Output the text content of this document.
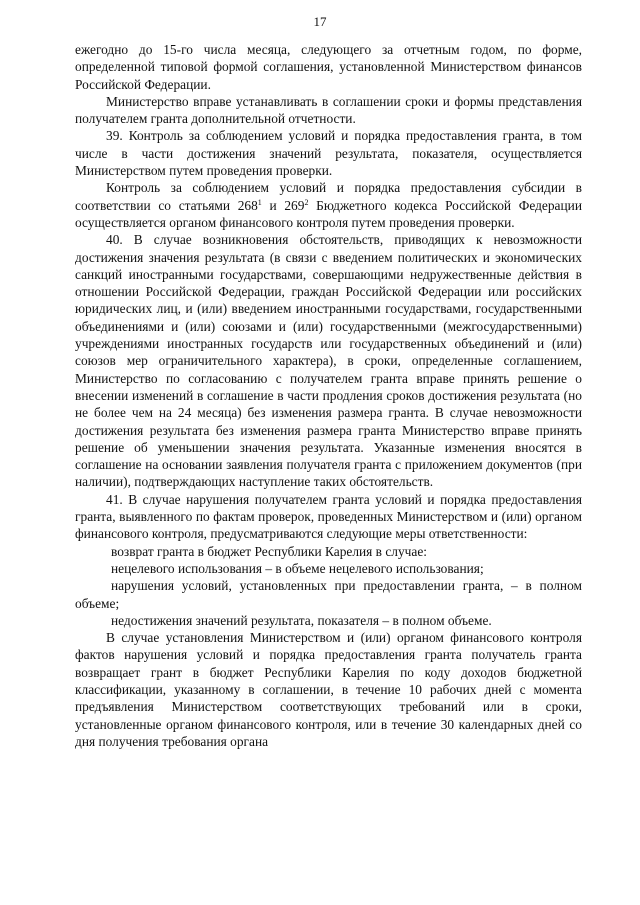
17

ежегодно до 15-го числа месяца, следующего за отчетным годом, по форме, определенной типовой формой соглашения, установленной Министерством финансов Российской Федерации.

Министерство вправе устанавливать в соглашении сроки и формы представления получателем гранта дополнительной отчетности.

39. Контроль за соблюдением условий и порядка предоставления гранта, в том числе в части достижения значений результата, показателя, осуществляется Министерством путем проведения проверки.

Контроль за соблюдением условий и порядка предоставления субсидии в соответствии со статьями $268^1$ и $269^2$ Бюджетного кодекса Российской Федерации осуществляется органом финансового контроля путем проведения проверки.

40. В случае возникновения обстоятельств, приводящих к невозможности достижения значения результата (в связи с введением политических и экономических санкций иностранными государствами, совершающими недружественные действия в отношении Российской Федерации, граждан Российской Федерации или российских юридических лиц, и (или) введением иностранными государствами, государственными объединениями и (или) союзами и (или) государственными (межгосударственными) учреждениями иностранных государств или государственных объединений и (или) союзов мер ограничительного характера), в сроки, определенные соглашением, Министерство по согласованию с получателем гранта вправе принять решение о внесении изменений в соглашение в части продления сроков достижения результата (но не более чем на 24 месяца) без изменения размера гранта. В случае невозможности достижения результата без изменения размера гранта Министерство вправе принять решение об уменьшении значения результата. Указанные изменения вносятся в соглашение на основании заявления получателя гранта с приложением документов (при наличии), подтверждающих наступление таких обстоятельств.

41. В случае нарушения получателем гранта условий и порядка предоставления гранта, выявленного по фактам проверок, проведенных Министерством и (или) органом финансового контроля, предусматриваются следующие меры ответственности:

возврат гранта в бюджет Республики Карелия в случае:

нецелевого использования – в объеме нецелевого использования;

нарушения условий, установленных при предоставлении гранта, – в полном объеме;

недостижения значений результата, показателя – в полном объеме.

В случае установления Министерством и (или) органом финансового контроля фактов нарушения условий и порядка предоставления гранта получатель гранта возвращает грант в бюджет Республики Карелия по коду доходов бюджетной классификации, указанному в соглашении, в течение 10 рабочих дней с момента предъявления Министерством соответствующих требований или в сроки, установленные органом финансового контроля, или в течение 30 календарных дней со дня получения требования органа
